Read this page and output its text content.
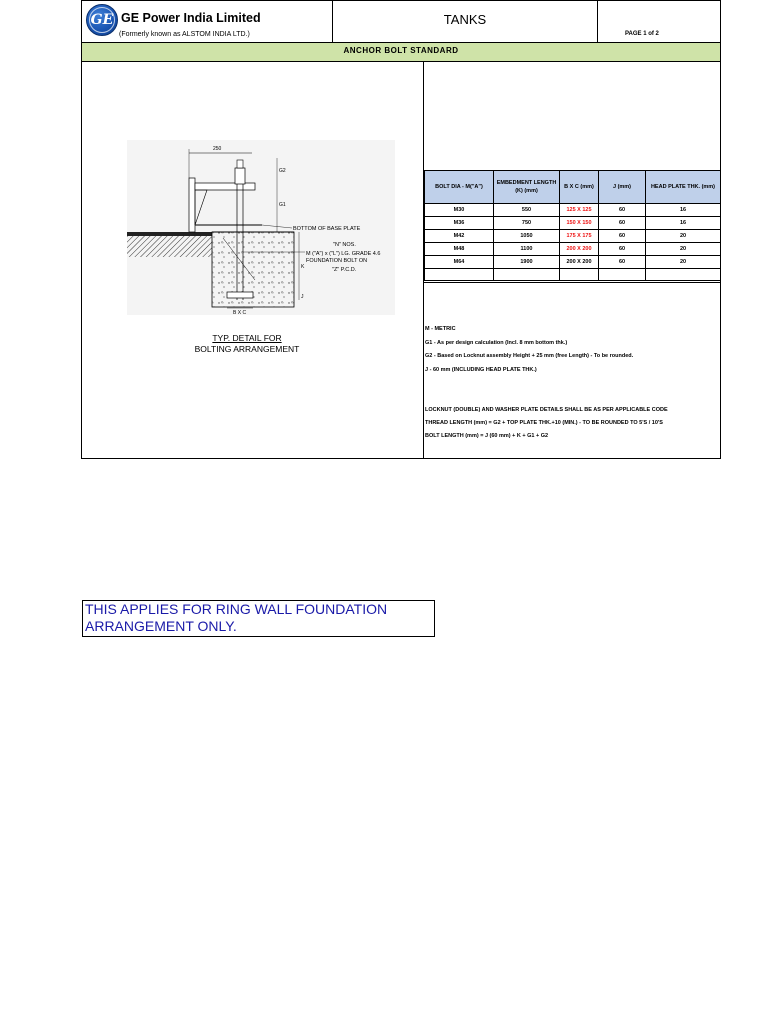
GE GE Power India Limited
(Formerly known as ALSTOM INDIA LTD.)
TANKS
PAGE 1 of 2
ANCHOR BOLT STANDARD
250
G2
G1
K
J
B X C
BOTTOM OF BASE PLATE
"N" NOS.
M ("A") x ("L") LG. GRADE 4.6
FOUNDATION BOLT ON
"Z" P.C.D.
TYP. DETAIL FOR
BOLTING ARRANGEMENT
BOLT DIA - M("A")	EMBEDMENT LENGTH (K) (mm)	B X C (mm)	J (mm)	HEAD PLATE THK. (mm)
M30	550	125 X 125	60	16
M36	750	150 X 150	60	16
M42	1050	175 X 175	60	20
M48	1100	200 X 200	60	20
M64	1900	200 X 200	60	20

M - METRIC
G1 - As per design calculation (Incl. 8 mm bottom thk.)
G2 - Based on Locknut assembly Height + 25 mm (free Length) - To be rounded.
J - 60 mm (INCLUDING HEAD PLATE THK.)
LOCKNUT (DOUBLE) AND WASHER PLATE DETAILS SHALL BE AS PER APPLICABLE CODE
THREAD LENGTH (mm) = G2 + TOP PLATE THK.+10 (MIN.) - TO BE ROUNDED TO 5'S / 10'S
BOLT LENGTH (mm) = J (60 mm) + K + G1 + G2
THIS APPLIES FOR RING WALL FOUNDATION ARRANGEMENT ONLY.
